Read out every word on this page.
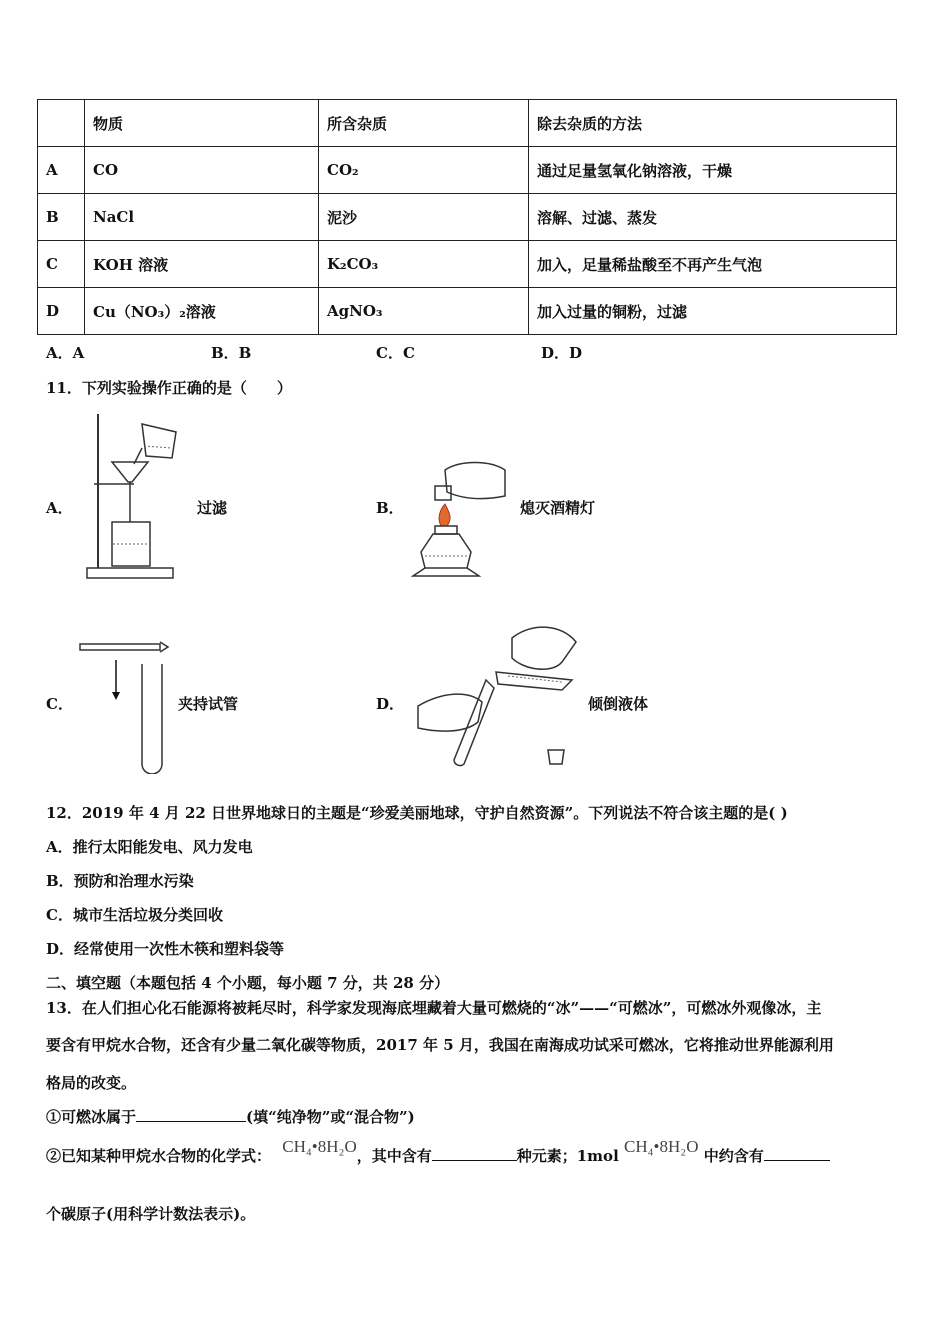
	物质	所含杂质	除去杂质的方法
A	CO	CO₂	通过足量氢氧化钠溶液，干燥
B	NaCl	泥沙	溶解、过滤、蒸发
C	KOH 溶液	K₂CO₃	加入，足量稀盐酸至不再产生气泡
D	Cu（NO₃）₂溶液	AgNO₃	加入过量的铜粉，过滤
A．A	B．B	C．C	D．D
11．下列实验操作正确的是（　　）
A．	过滤	B．	熄灭酒精灯
C．	夹持试管	D．	倾倒液体
12．2019 年 4 月 22 日世界地球日的主题是“珍爱美丽地球，守护自然资源”。下列说法不符合该主题的是( )
A．推行太阳能发电、风力发电
B．预防和治理水污染
C．城市生活垃圾分类回收
D．经常使用一次性木筷和塑料袋等
二、填空题（本题包括 4 个小题，每小题 7 分，共 28 分）
13．在人们担心化石能源将被耗尽时，科学家发现海底埋藏着大量可燃烧的“冰”——“可燃冰”，可燃冰外观像冰，主
要含有甲烷水合物，还含有少量二氧化碳等物质，2017 年 5 月，我国在南海成功试采可燃冰，它将推动世界能源利用
格局的改变。
①可燃冰属于	(填“纯净物”或“混合物”)
②已知某种甲烷水合物的化学式： CH₄•8H₂O，其中含有	种元素；1mol CH₄•8H₂O 中约含有
个碳原子(用科学计数法表示)。
